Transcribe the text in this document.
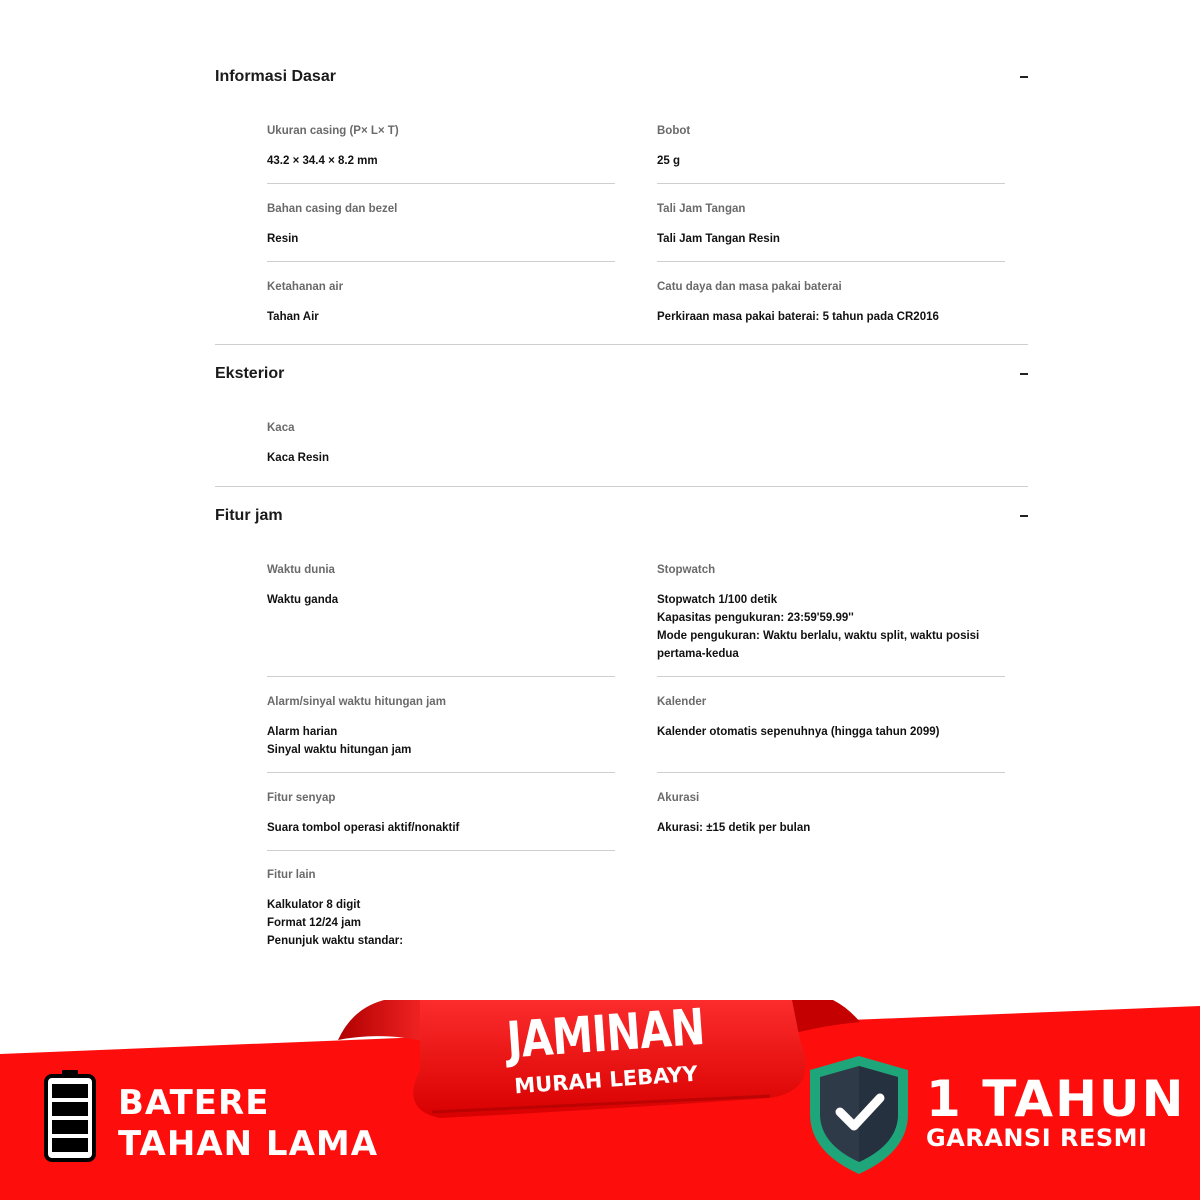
Informasi Dasar
Ukuran casing (P× L× T)
43.2 × 34.4 × 8.2 mm
Bobot
25 g
Bahan casing dan bezel
Resin
Tali Jam Tangan
Tali Jam Tangan Resin
Ketahanan air
Tahan Air
Catu daya dan masa pakai baterai
Perkiraan masa pakai baterai: 5 tahun pada CR2016
Eksterior
Kaca
Kaca Resin
Fitur jam
Waktu dunia
Waktu ganda
Stopwatch
Stopwatch 1/100 detik
Kapasitas pengukuran: 23:59'59.99''
Mode pengukuran: Waktu berlalu, waktu split, waktu posisi pertama-kedua
Alarm/sinyal waktu hitungan jam
Alarm harian
Sinyal waktu hitungan jam
Kalender
Kalender otomatis sepenuhnya (hingga tahun 2099)
Fitur senyap
Suara tombol operasi aktif/nonaktif
Akurasi
Akurasi: ±15 detik per bulan
Fitur lain
Kalkulator 8 digit
Format 12/24 jam
Penunjuk waktu standar:
BATERE
TAHAN LAMA
1 TAHUN
GARANSI RESMI
JAMINAN
MURAH LEBAYY
